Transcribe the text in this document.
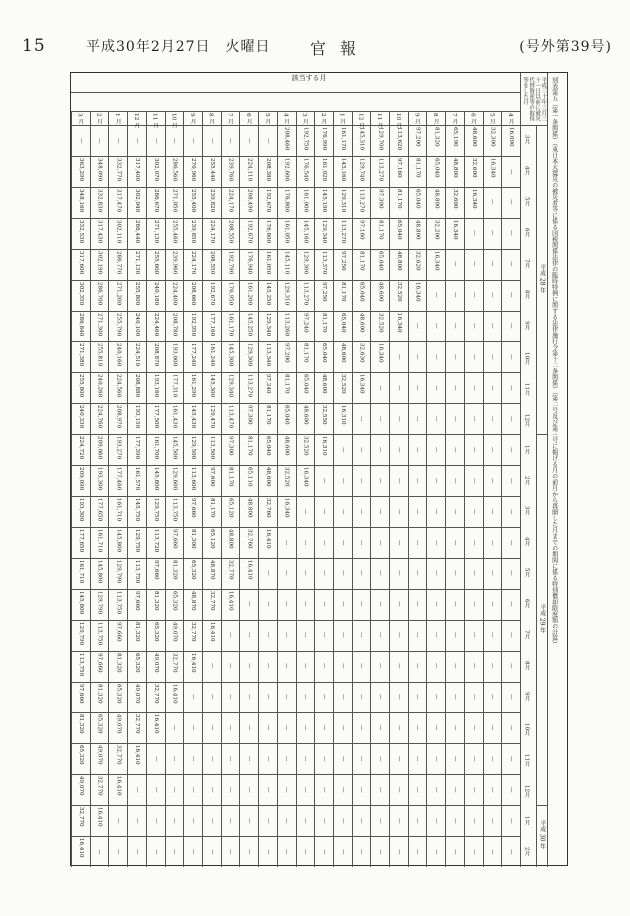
15	平成30年2月27日　火曜日 官報	(号外第39号)
別表第五（第一条関係）（東日本大震災の被災者等に係る国税関係法律の臨時特例に関する法律施行令第十二条関係）（第二号及び第三号に掲げる月の前月から再開した月までの期間に係る特別償却限度額の計算）
平成三十年三月三十一日以前に被災代替資産等の取得等をした月
4 月
5 月
6 月
7 月
8 月
9 月
10 月
11 月
12 月
1 月
2 月
3 月
4 月
5 月
6 月
7 月
8 月
9 月
10 月
11 月
12 月
1 月
2 月
3 月
3月
4月
5月
6月
7月
8月
9月
10月
11月
12月
1月
2月
3月
4月
5月
6月
7月
8月
9月
10月
11月
12月
1月
2月
平成 28 年
平成 29 年
平成 30 年
該当する月
16,090
—
—
—
—
—
—
—
—
—
—
—
—
—
—
—
—
—
—
—
—
—
—
—
32,300
16,340
—
—
—
—
—
—
—
—
—
—
—
—
—
—
—
—
—
—
—
—
—
—
48,600
32,600
16,340
—
—
—
—
—
—
—
—
—
—
—
—
—
—
—
—
—
—
—
—
—
65,190
48,800
32,600
16,340
—
—
—
—
—
—
—
—
—
—
—
—
—
—
—
—
—
—
—
—
81,320
65,040
48,800
32,200
16,340
—
—
—
—
—
—
—
—
—
—
—
—
—
—
—
—
—
—
—
97,200
81,170
65,040
48,800
32,620
16,340
—
—
—
—
—
—
—
—
—
—
—
—
—
—
—
—
—
—
113,620
97,160
81,170
65,040
48,800
32,520
16,340
—
—
—
—
—
—
—
—
—
—
—
—
—
—
—
—
—
129,700
113,270
97,300
81,170
65,040
48,600
32,520
16,340
—
—
—
—
—
—
—
—
—
—
—
—
—
—
—
—
145,310
129,740
113,270
97,160
81,170
65,040
48,600
32,630
16,340
—
—
—
—
—
—
—
—
—
—
—
—
—
—
—
161,170
145,160
129,310
113,270
97,250
81,170
65,040
48,600
32,520
16,310
—
—
—
—
—
—
—
—
—
—
—
—
—
—
176,990
161,020
145,190
129,340
113,370
97,250
81,170
65,040
48,600
32,550
16,310
—
—
—
—
—
—
—
—
—
—
—
—
—
192,750
176,540
161,000
145,160
129,300
113,270
97,240
81,170
65,040
48,600
32,520
16,340
—
—
—
—
—
—
—
—
—
—
—
—
208,460
192,600
176,800
161,050
145,110
129,310
113,260
97,200
81,170
65,040
48,600
32,520
16,340
—
—
—
—
—
—
—
—
—
—
—
—
208,380
192,670
176,800
161,050
145,250
129,340
113,340
97,240
81,170
65,040
48,600
32,760
16,410
—
—
—
—
—
—
—
—
—
—
—
224,110
208,490
192,670
176,940
161,200
145,250
129,300
113,270
97,300
81,170
65,110
48,800
32,760
16,410
—
—
—
—
—
—
—
—
—
—
239,760
224,170
208,550
192,790
176,950
161,170
145,300
129,340
113,470
97,300
81,170
65,120
48,800
32,770
16,410
—
—
—
—
—
—
—
—
—
255,440
239,820
224,170
208,550
192,670
177,160
161,240
145,300
129,470
113,500
97,600
81,170
65,120
48,870
32,770
16,410
—
—
—
—
—
—
—
—
270,960
255,400
239,850
224,170
208,660
192,950
177,240
161,290
145,430
129,500
113,600
97,660
81,300
65,320
48,870
32,770
16,410
—
—
—
—
—
—
—
286,560
271,050
255,460
239,960
224,400
208,780
193,000
177,310
161,430
145,500
129,600
113,750
97,660
81,320
65,320
49,070
32,770
16,410
—
—
—
—
—
—
302,070
286,670
271,130
255,600
240,180
224,460
208,870
193,160
177,500
161,700
145,800
129,750
113,720
97,660
81,320
65,320
49,070
32,770
16,410
—
—
—
—
—
317,400
302,040
286,440
271,130
255,800
240,100
224,510
208,880
193,150
177,390
161,570
145,750
129,750
113,750
97,660
81,320
65,320
49,070
32,770
16,410
—
—
—
—
332,770
317,470
302,110
286,770
271,200
255,790
240,160
224,560
208,970
193,270
177,460
161,710
145,800
129,790
113,750
97,660
81,320
65,320
49,070
32,770
16,410
—
—
—
348,090
332,830
317,430
302,190
286,700
271,300
255,810
240,260
224,760
209,060
193,300
177,650
161,710
145,800
129,790
113,750
97,660
81,320
65,320
49,070
32,770
16,410
—
—
363,290
348,160
332,530
317,600
302,350
286,840
271,380
255,800
240,330
224,720
209,090
193,300
177,650
161,710
145,800
129,790
113,750
97,660
81,320
65,320
49,070
32,770
16,410
